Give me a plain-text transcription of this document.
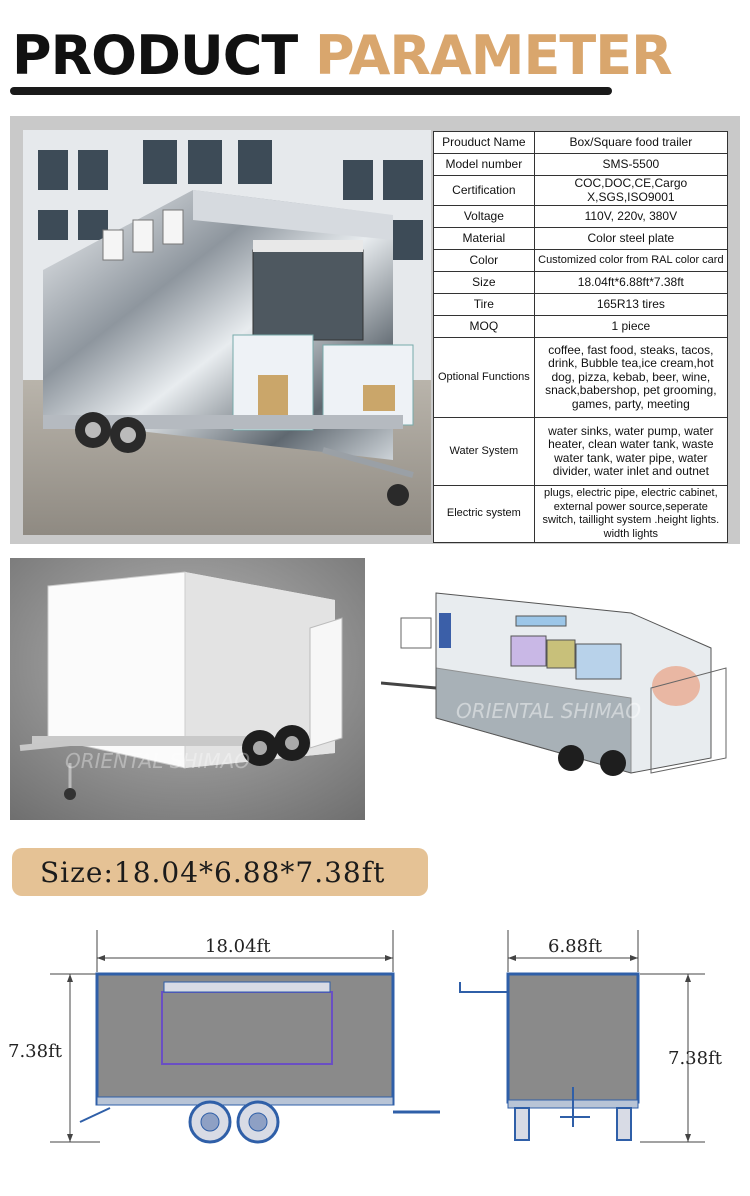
PRODUCT PARAMETER
Prouduct Name	Box/Square food trailer
Model number	SMS-5500
Certification	COC,DOC,CE,Cargo X,SGS,ISO9001
Voltage	110V, 220v, 380V
Material	Color steel plate
Color	Customized color from RAL color card
Size	18.04ft*6.88ft*7.38ft
Tire	165R13 tires
MOQ	1 piece
Optional Functions	coffee, fast food, steaks, tacos, drink, Bubble tea,ice cream,hot dog, pizza, kebab, beer, wine, snack,babershop, pet grooming, games, party, meeting
Water System	water sinks, water pump, water heater, clean water tank, waste water tank, water pipe, water divider, water inlet and outnet
Electric system	plugs, electric pipe, electric cabinet, external power source,seperate switch, taillight system .height lights. width lights
ORIENTAL SHIMAO
ORIENTAL SHIMAO
Size:18.04*6.88*7.38ft
18.04ft
7.38ft
6.88ft
7.38ft
